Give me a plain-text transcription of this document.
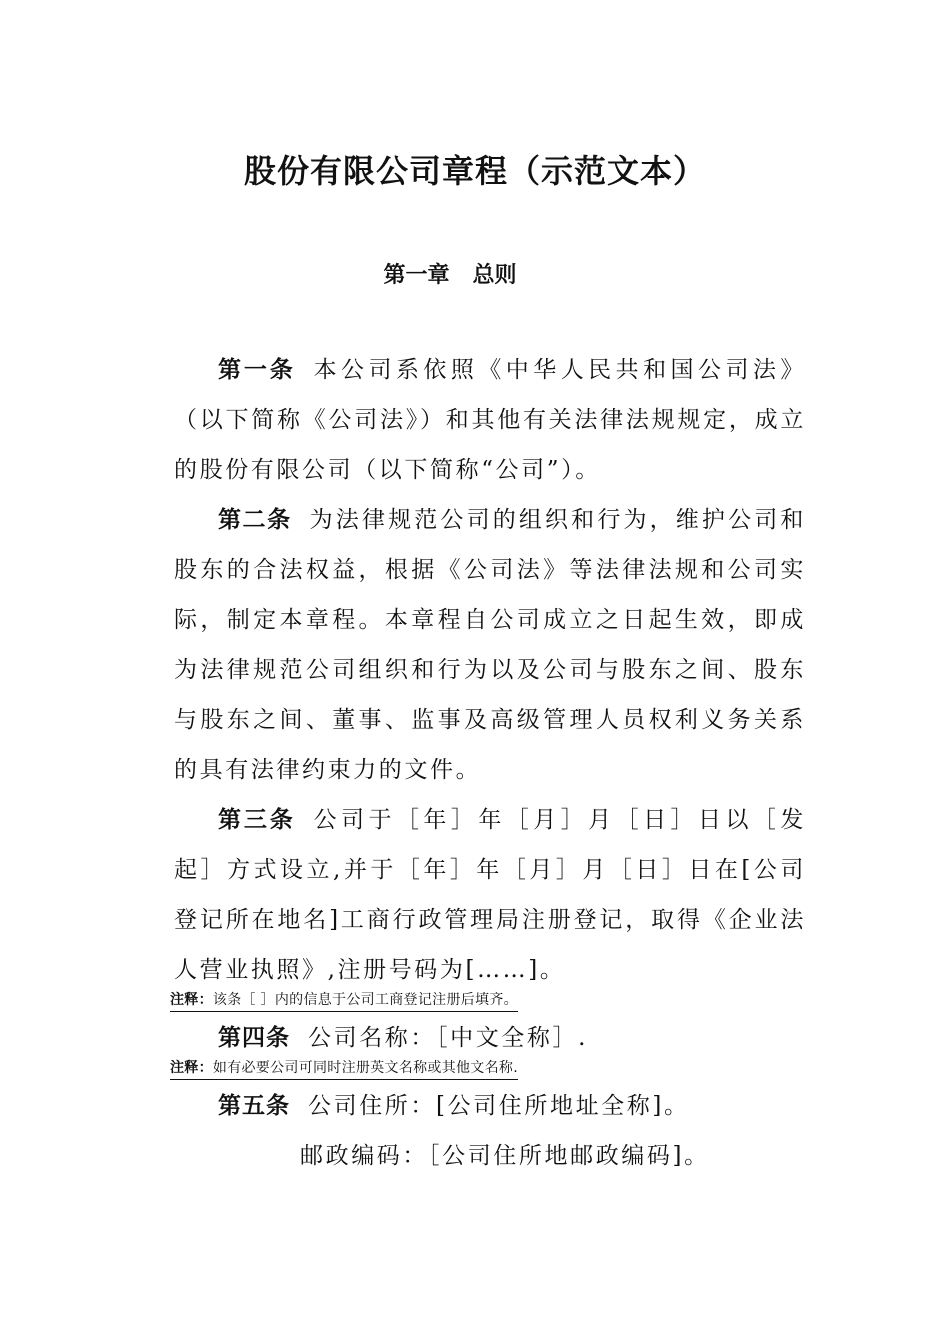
股份有限公司章程（示范文本）
第一章 总则

第一条 本公司系依照《中华人民共和国公司法》（以下简称《公司法》）和其他有关法律法规规定，成立的股份有限公司（以下简称“公司”）。

第二条 为法律规范公司的组织和行为，维护公司和股东的合法权益，根据《公司法》等法律法规和公司实际，制定本章程。本章程自公司成立之日起生效，即成为法律规范公司组织和行为以及公司与股东之间、股东与股东之间、董事、监事及高级管理人员权利义务关系的具有法律约束力的文件。

第三条 公司于［年］年［月］月［日］日以［发起］方式设立,并于［年］年［月］月［日］日在[公司登记所在地名]工商行政管理局注册登记，取得《企业法人营业执照》,注册号码为[……]。

注释：该条［ ］内的信息于公司工商登记注册后填齐。

第四条 公司名称：［中文全称］.

注释：如有必要公司可同时注册英文名称或其他文名称.

第五条 公司住所：[公司住所地址全称]。

邮政编码：［公司住所地邮政编码]。
